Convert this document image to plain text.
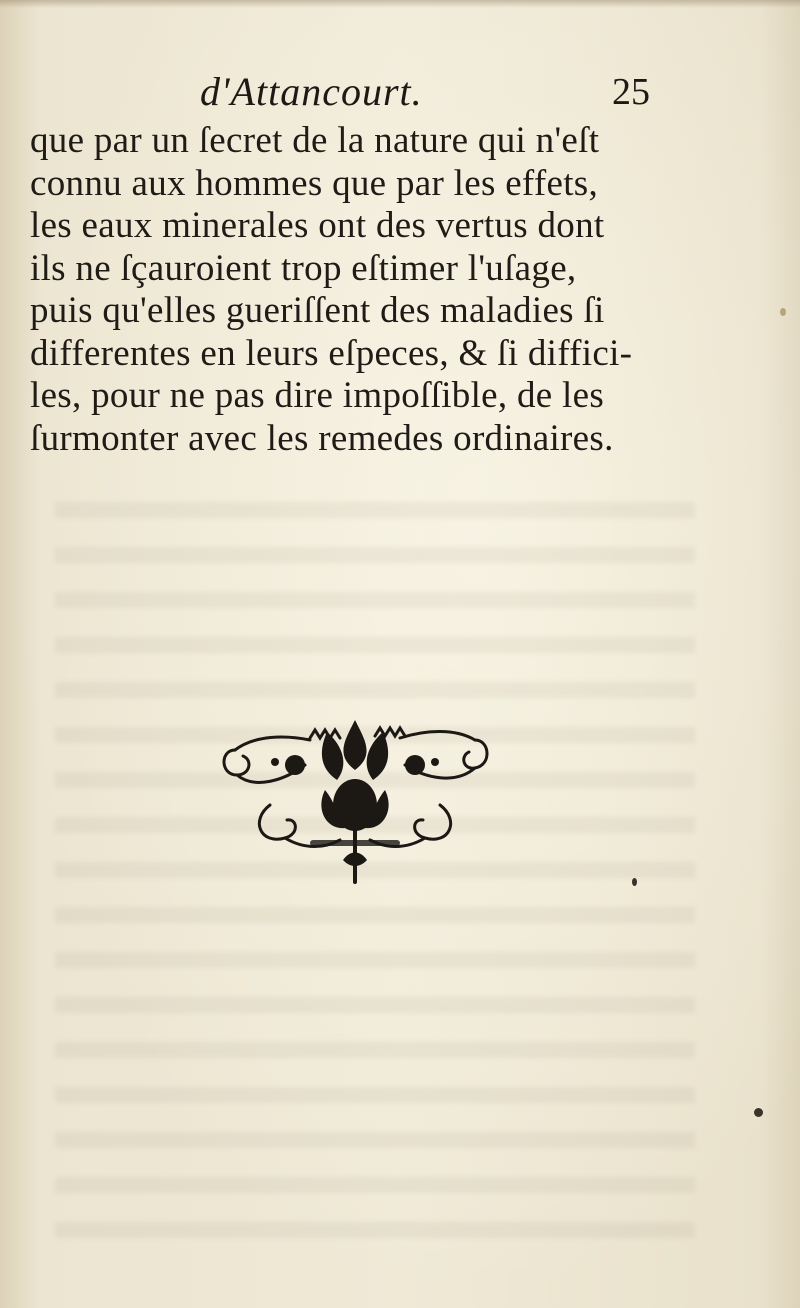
d'Attancourt.	25

que par un ſecret de la nature qui n'eſt
connu aux hommes que par les effets,
les eaux minerales ont des vertus dont
ils ne ſçauroient trop eſtimer l'uſage,
puis qu'elles gueriſſent des maladies ſi
differentes en leurs eſpeces, & ſi diffici-
les, pour ne pas dire impoſſible, de les
ſurmonter avec les remedes ordinaires.
